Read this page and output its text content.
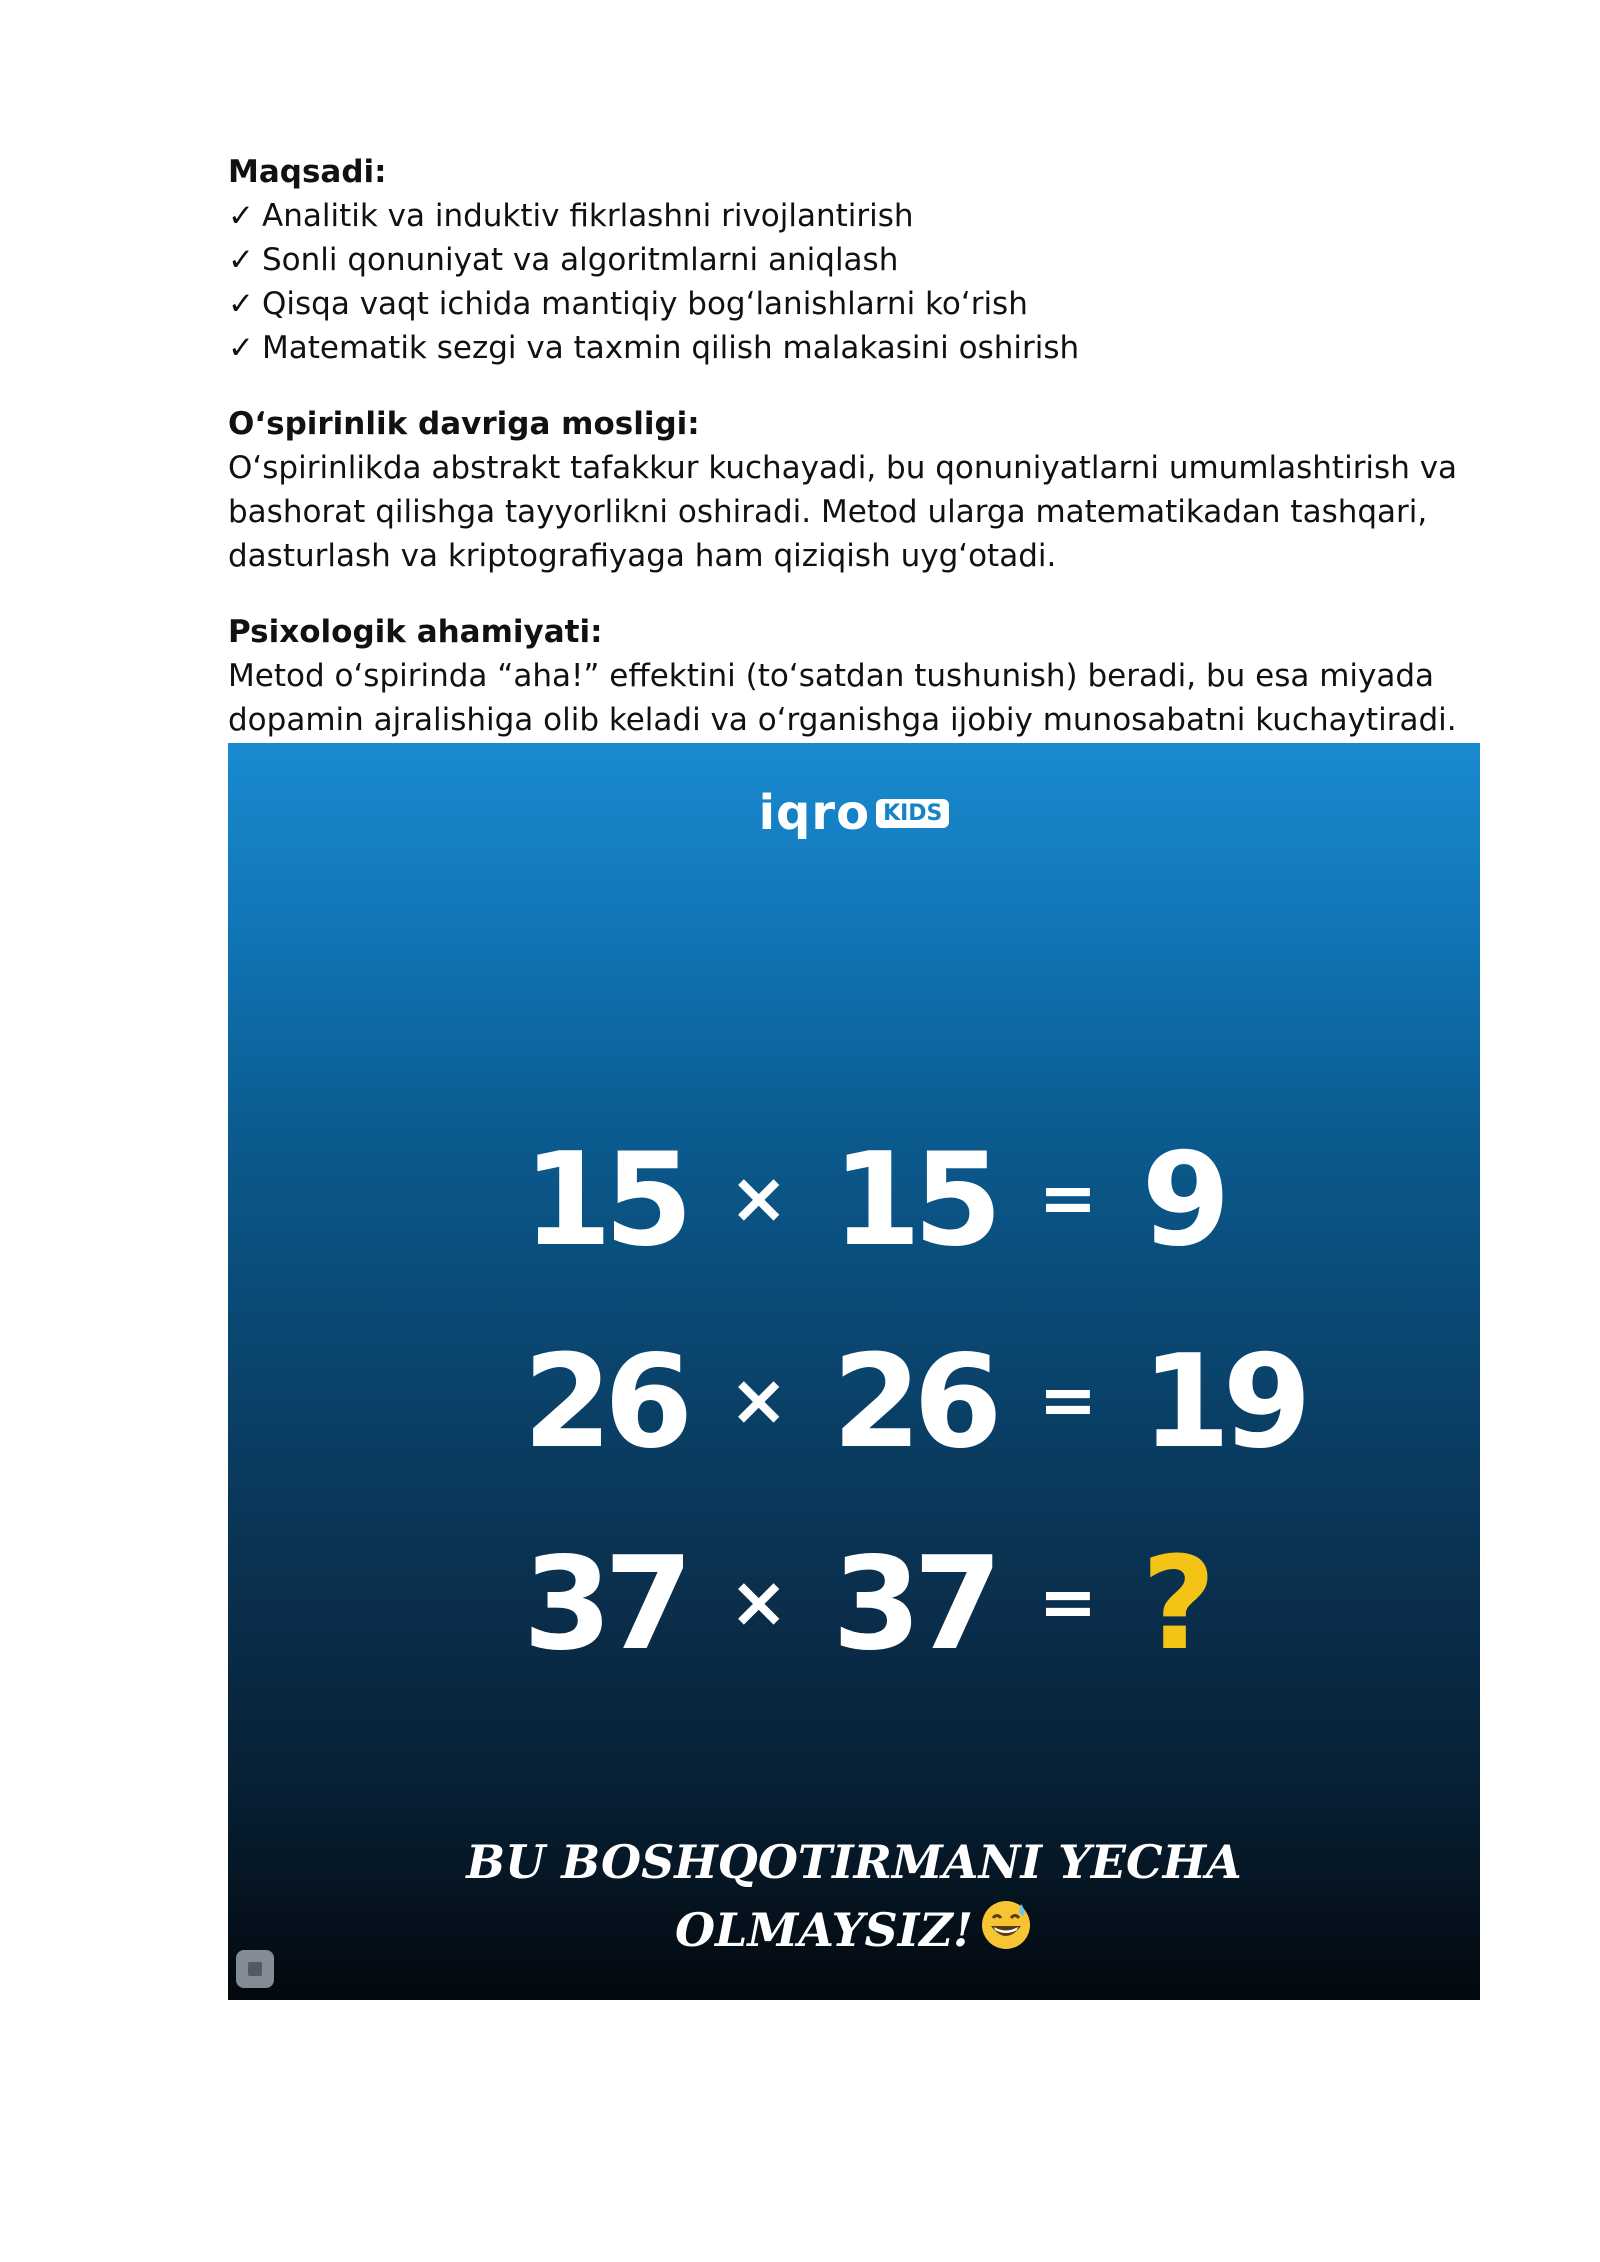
Maqsadi:

✓ Analitik va induktiv fikrlashni rivojlantirish

✓ Sonli qonuniyat va algoritmlarni aniqlash

✓ Qisqa vaqt ichida mantiqiy bog‘lanishlarni ko‘rish

✓ Matematik sezgi va taxmin qilish malakasini oshirish

O‘spirinlik davriga mosligi:

O‘spirinlikda abstrakt tafakkur kuchayadi, bu qonuniyatlarni umumlashtirish va

bashorat qilishga tayyorlikni oshiradi. Metod ularga matematikadan tashqari,

dasturlash va kriptografiyaga ham qiziqish uyg‘otadi.

Psixologik ahamiyati:

Metod o‘spirinda “aha!” effektini (to‘satdan tushunish) beradi, bu esa miyada

dopamin ajralishiga olib keladi va o‘rganishga ijobiy munosabatni kuchaytiradi.

iqro KIDS
15 × 15 = 9
26 × 26 = 19
37 × 37 = ?
BU BOSHQOTIRMANI YECHA
OLMAYSIZ!
